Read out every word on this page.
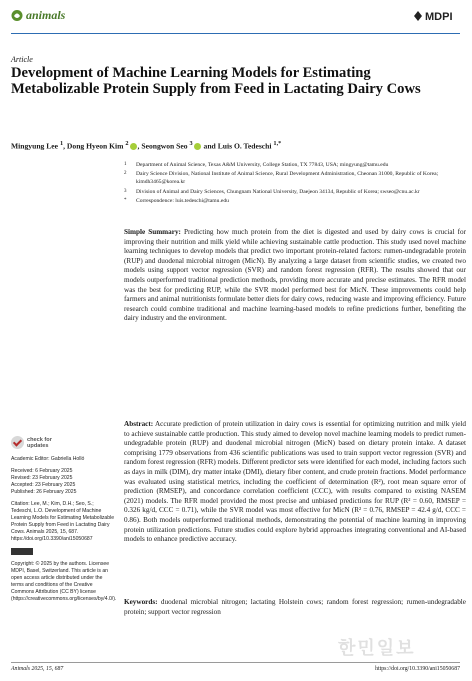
animals	MDPI
Article
Development of Machine Learning Models for Estimating Metabolizable Protein Supply from Feed in Lactating Dairy Cows
Mingyung Lee $^1$, Dong Hyeon Kim $^2$ , Seongwon Seo $^3$ and Luis O. Tedeschi $^{1,*}$
1 Department of Animal Science, Texas A&M University, College Station, TX 77843, USA; mingyung@tamu.edu
2 Dairy Science Division, National Institute of Animal Science, Rural Development Administration, Cheonan 31000, Republic of Korea; kimdh3465@korea.kr
3 Division of Animal and Dairy Sciences, Chungnam National University, Daejeon 34134, Republic of Korea; swseo@cnu.ac.kr
* Correspondence: luis.tedeschi@tamu.edu

Simple Summary: Predicting how much protein from the diet is digested and used by dairy cows is crucial for improving their nutrition and milk yield while achieving sustainable cattle production. This study used novel machine learning techniques to develop models that predict two important protein-related factors: rumen-undegradable protein (RUP) and duodenal microbial nitrogen (MicN). By analyzing a large dataset from scientific studies, we created two models using support vector regression (SVR) and random forest regression (RFR). The results showed that our models outperformed traditional prediction methods, providing more accurate and precise estimates. The RFR model was the best for predicting RUP, while the SVR model performed best for MicN. These improvements could help farmers and animal nutritionists formulate better diets for dairy cows, reducing waste and improving efficiency. Future research could combine traditional and machine learning-based models to refine predictions further, benefiting the dairy industry and the environment.

Abstract: Accurate prediction of protein utilization in dairy cows is essential for optimizing nutrition and milk yield to achieve sustainable cattle production. This study aimed to develop novel machine learning models to predict rumen-undegradable protein (RUP) and duodenal microbial nitrogen (MicN) based on dietary protein intake. A dataset comprising 1779 observations from 436 scientific publications was used to train support vector regression (SVR) and random forest regression (RFR) models. Different predictor sets were identified for each model, including factors such as days in milk (DIM), dry matter intake (DMI), dietary fiber content, and crude protein fractions. Model performance was evaluated using statistical metrics, including the coefficient of determination (R²), root mean square error of prediction (RMSEP), and concordance correlation coefficient (CCC), with results compared to existing NASEM (2021) models. The RFR model provided the most precise and unbiased predictions for RUP (R² = 0.60, RMSEP = 0.326 kg/d, CCC = 0.71), while the SVR model was most effective for MicN (R² = 0.76, RMSEP = 42.4 g/d, CCC = 0.86). Both models outperformed traditional methods, demonstrating the potential of machine learning in improving protein utilization predictions. Future studies could explore hybrid approaches integrating conventional and AI-based models to enhance predictive accuracy.

Keywords: duodenal microbial nitrogen; lactating Holstein cows; random forest regression; rumen-undegradable protein; support vector regression

check for
updates
Academic Editor: Gabriella Holló
Received: 6 February 2025
Revised: 23 February 2025
Accepted: 23 February 2025
Published: 26 February 2025
Citation: Lee, M.; Kim, D.H.; Seo, S.; Tedeschi, L.O. Development of Machine Learning Models for Estimating Metabolizable Protein Supply from Feed in Lactating Dairy Cows. Animals 2025, 15, 687. https://doi.org/10.3390/ani15050687
Copyright: © 2025 by the authors. Licensee MDPI, Basel, Switzerland. This article is an open access article distributed under the terms and conditions of the Creative Commons Attribution (CC BY) license (https://creativecommons.org/licenses/by/4.0/).
한민일보
Animals 2025, 15, 687	https://doi.org/10.3390/ani15050687
